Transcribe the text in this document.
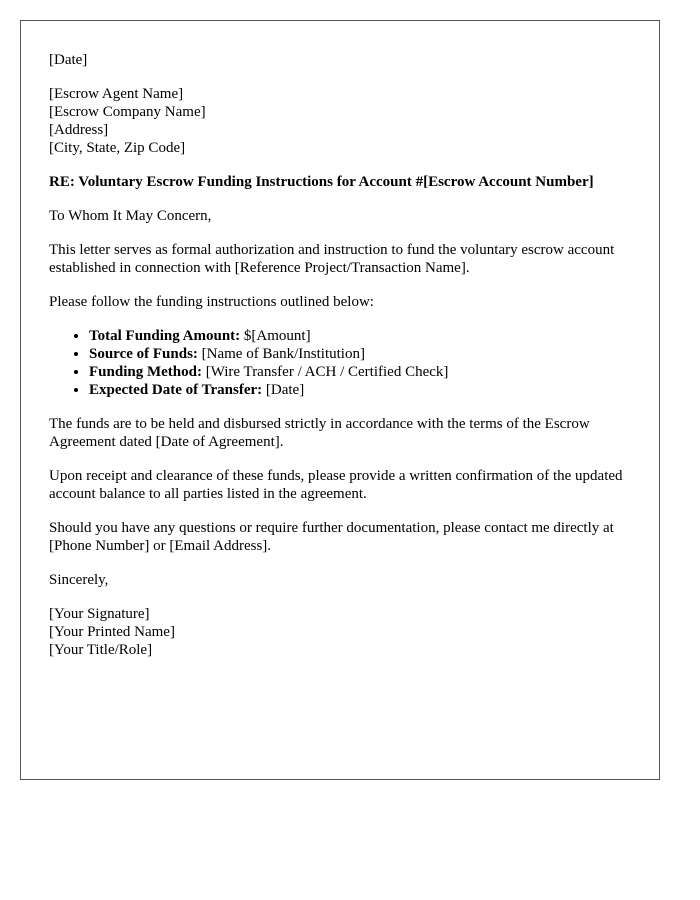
[Date]

[Escrow Agent Name]
[Escrow Company Name]
[Address]
[City, State, Zip Code]

RE: Voluntary Escrow Funding Instructions for Account #[Escrow Account Number]

To Whom It May Concern,

This letter serves as formal authorization and instruction to fund the voluntary escrow account established in connection with [Reference Project/Transaction Name].

Please follow the funding instructions outlined below:

• Total Funding Amount: $[Amount]
• Source of Funds: [Name of Bank/Institution]
• Funding Method: [Wire Transfer / ACH / Certified Check]
• Expected Date of Transfer: [Date]

The funds are to be held and disbursed strictly in accordance with the terms of the Escrow Agreement dated [Date of Agreement].

Upon receipt and clearance of these funds, please provide a written confirmation of the updated account balance to all parties listed in the agreement.

Should you have any questions or require further documentation, please contact me directly at [Phone Number] or [Email Address].

Sincerely,

[Your Signature]
[Your Printed Name]
[Your Title/Role]
